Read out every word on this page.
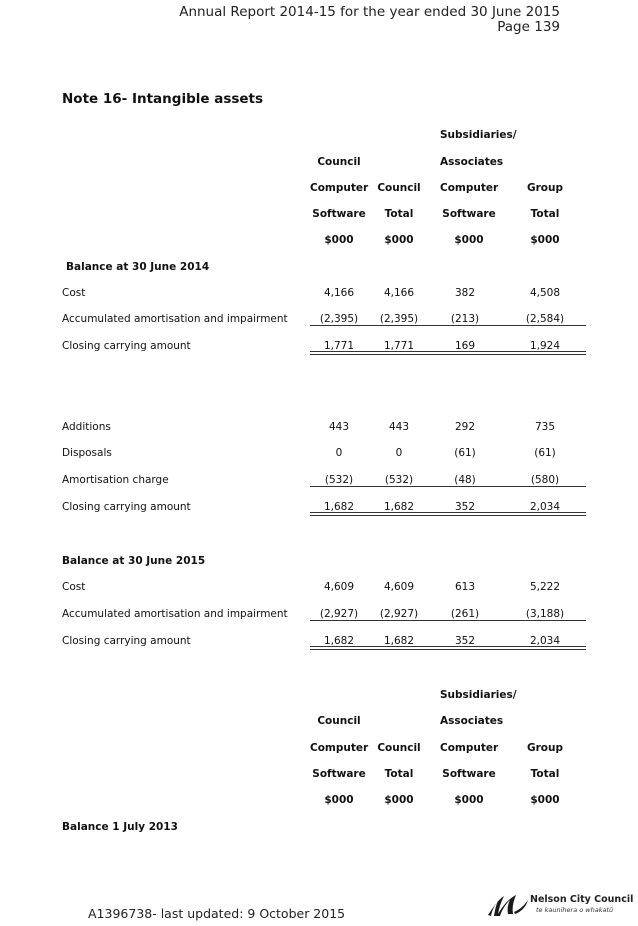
Annual Report 2014-15 for the year ended 30 June 2015
Page 139
Note 16- Intangible assets
Subsidiaries/
Council	Associates
Computer Council	Computer	Group
Software	Total	Software	Total
$000	$000	$000	$000
Balance at 30 June 2014
Cost	4,166	4,166	382	4,508
Accumulated amortisation and impairment	(2,395)	(2,395)	(213)	(2,584)
Closing carrying amount	1,771	1,771	169	1,924
Additions	443	443	292	735
Disposals	0	0	(61)	(61)
Amortisation charge	(532)	(532)	(48)	(580)
Closing carrying amount	1,682	1,682	352	2,034
Balance at 30 June 2015
Cost	4,609	4,609	613	5,222
Accumulated amortisation and impairment	(2,927)	(2,927)	(261)	(3,188)
Closing carrying amount	1,682	1,682	352	2,034
Subsidiaries/
Council	Associates
Computer Council	Computer	Group
Software	Total	Software	Total
$000	$000	$000	$000
Balance 1 July 2013
A1396738- last updated: 9 October 2015
Nelson City Council
te kaunihera o whakatū
